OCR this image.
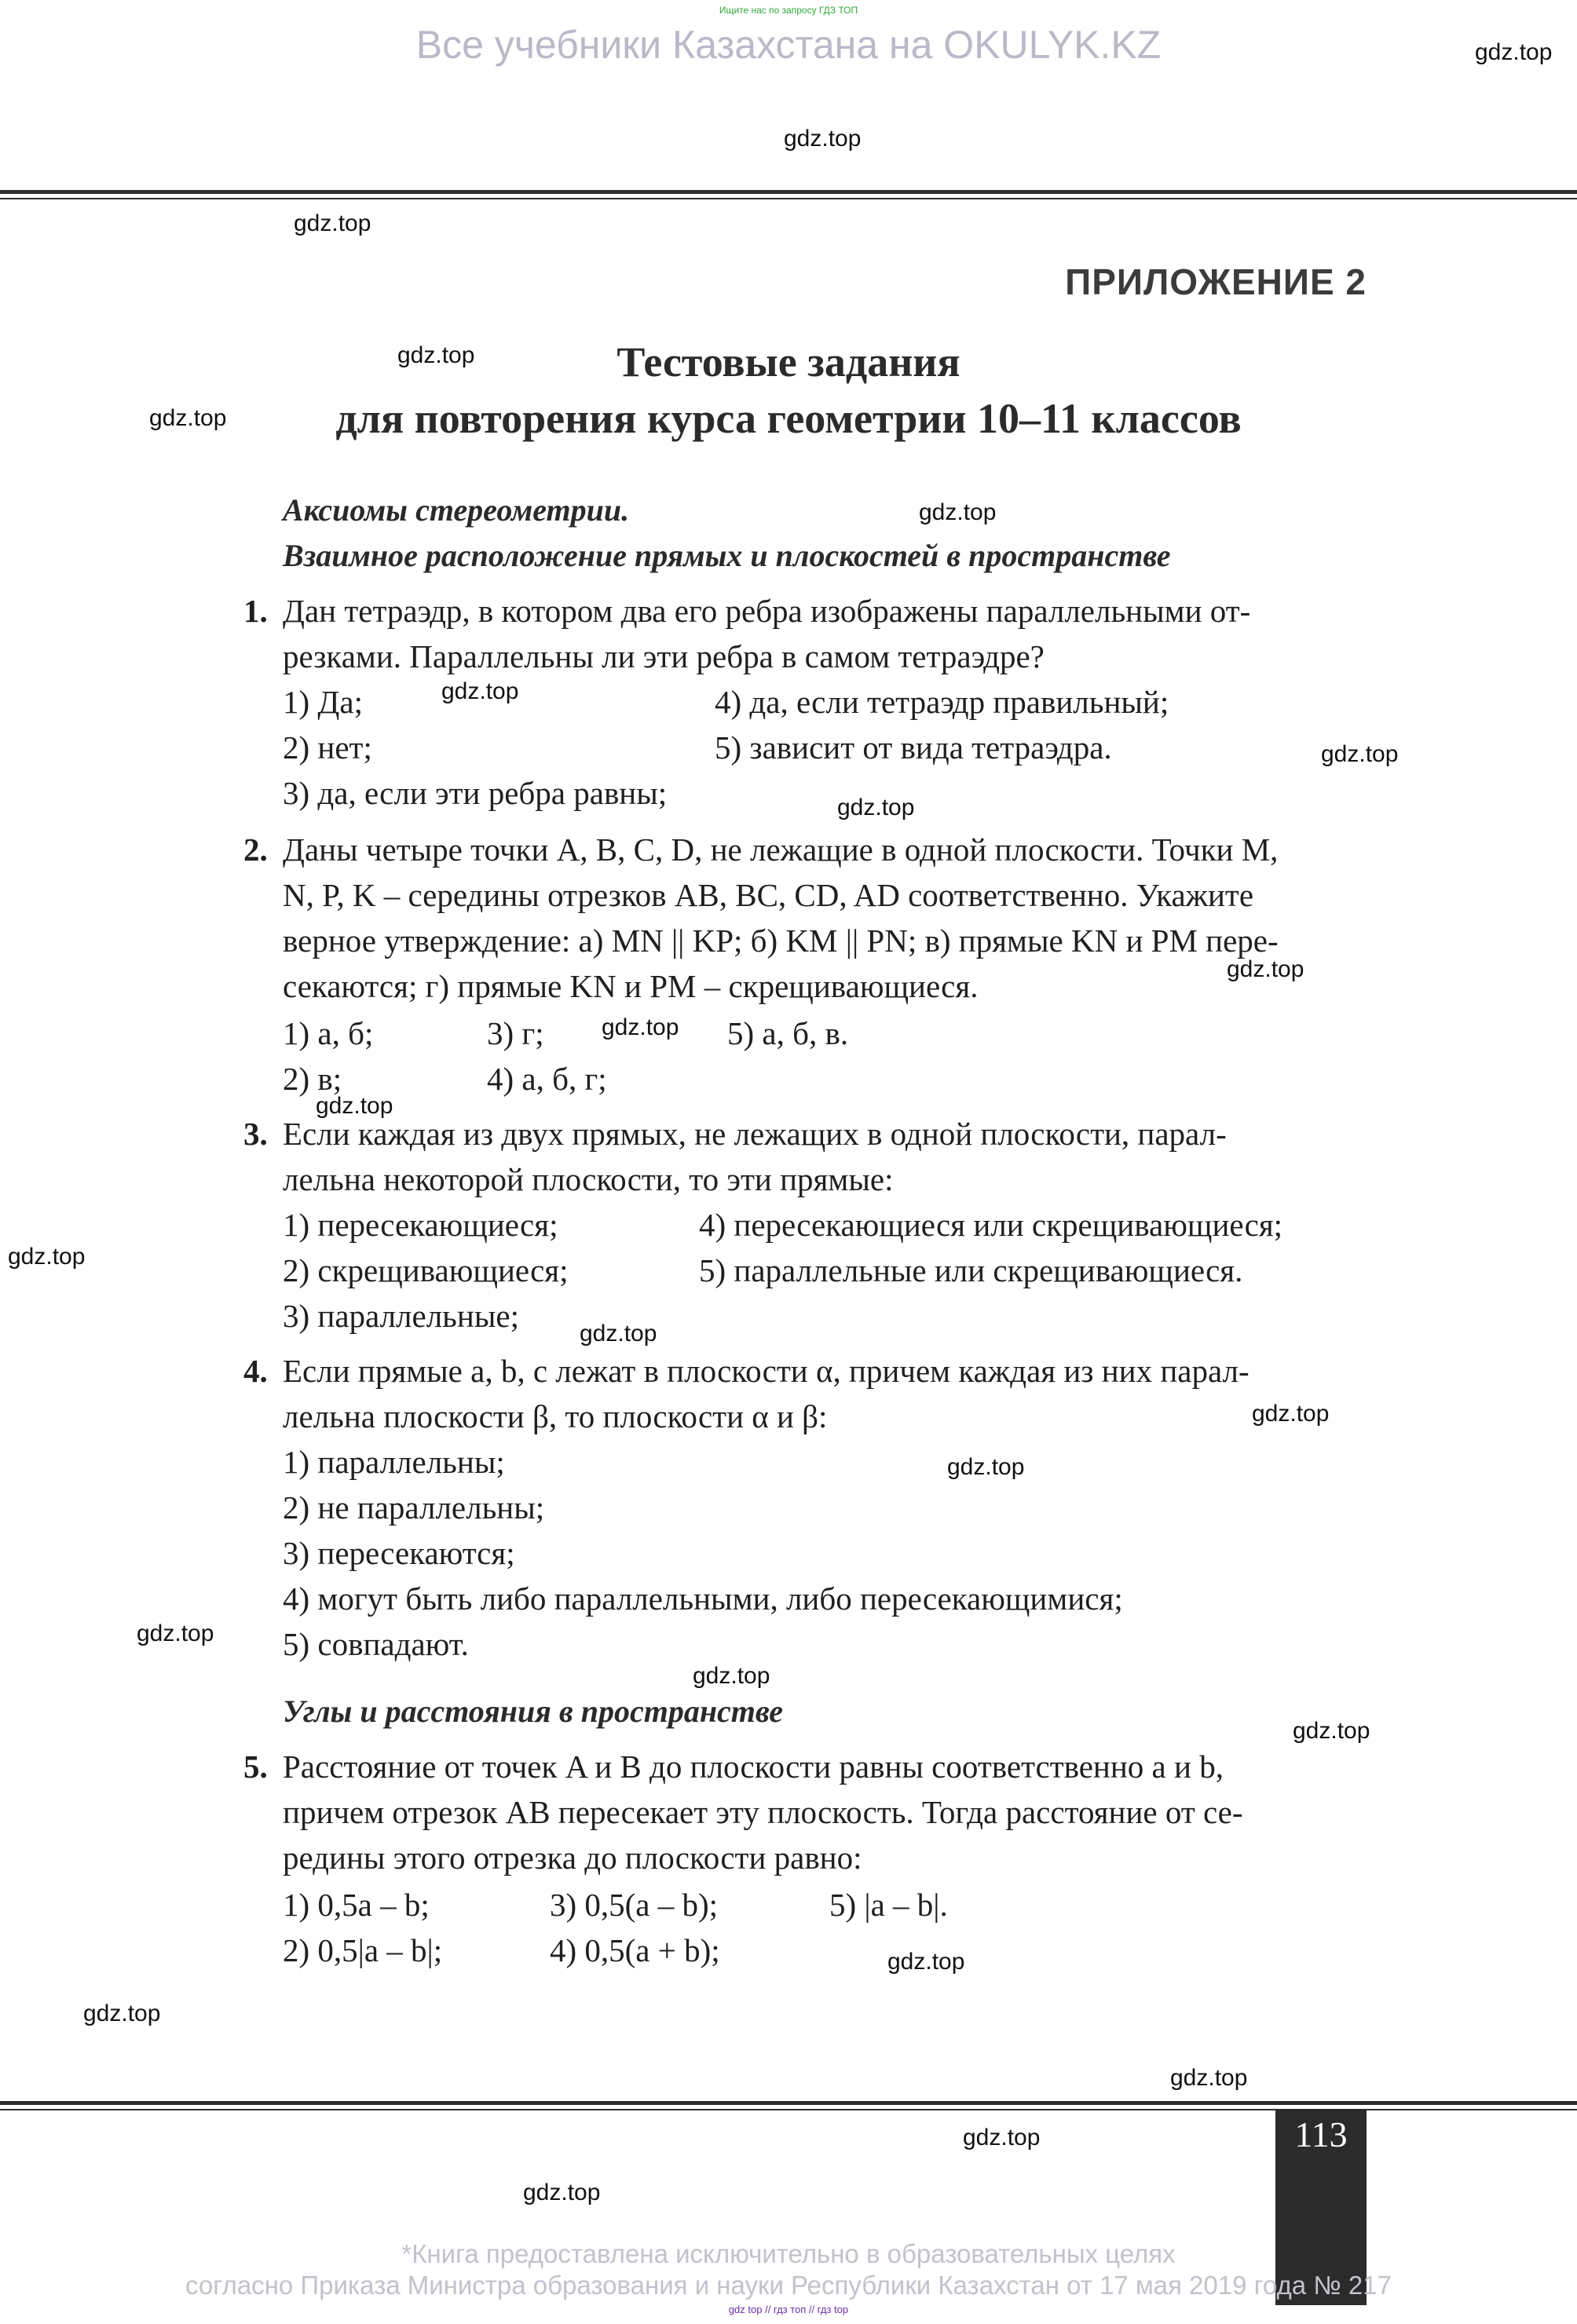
Ищите нас по запросу ГДЗ ТОП
Все учебники Казахстана на OKULYK.KZ	gdz.top
gdz.top
gdz.top
gdz.top
gdz.top
gdz.top
gdz.top
gdz.top
gdz.top
gdz.top
gdz.top
gdz.top
gdz.top
gdz.top
gdz.top
gdz.top
gdz.top
gdz.top
gdz.top
gdz.top
gdz.top
gdz.top
gdz.top
gdz.top
ПРИЛОЖЕНИЕ 2
Тестовые задания
для повторения курса геометрии 10–11 классов
Аксиомы стереометрии.
Взаимное расположение прямых и плоскостей в пространстве
1. Дан тетраэдр, в котором два его ребра изображены параллельными от-
резками. Параллельны ли эти ребра в самом тетраэдре?
1) Да;
2) нет;
3) да, если эти ребра равны;
4) да, если тетраэдр правильный;
5) зависит от вида тетраэдра.
2. Даны четыре точки A, B, C, D, не лежащие в одной плоскости. Точки M,
N, P, K – середины отрезков AB, BC, CD, AD соответственно. Укажите
верное утверждение: а) MN || KP; б) KM || PN; в) прямые KN и PM пере-
секаются; г) прямые KN и PM – скрещивающиеся.
1) а, б;
2) в;
3) г;
4) а, б, г;
5) а, б, в.
3. Если каждая из двух прямых, не лежащих в одной плоскости, парал-
лельна некоторой плоскости, то эти прямые:
1) пересекающиеся;
2) скрещивающиеся;
3) параллельные;
4) пересекающиеся или скрещивающиеся;
5) параллельные или скрещивающиеся.
4. Если прямые a, b, c лежат в плоскости α, причем каждая из них парал-
лельна плоскости β, то плоскости α и β:
1) параллельны;
2) не параллельны;
3) пересекаются;
4) могут быть либо параллельными, либо пересекающимися;
5) совпадают.
Углы и расстояния в пространстве
5. Расстояние от точек A и B до плоскости равны соответственно a и b,
причем отрезок AB пересекает эту плоскость. Тогда расстояние от се-
редины этого отрезка до плоскости равно:
1) 0,5a – b;
2) 0,5|a – b|;
3) 0,5(a – b);
4) 0,5(a + b);
5) |a – b|.
113
*Книга предоставлена исключительно в образовательных целях
согласно Приказа Министра образования и науки Республики Казахстан от 17 мая 2019 года № 217
gdz top // гдз топ // гдз top
